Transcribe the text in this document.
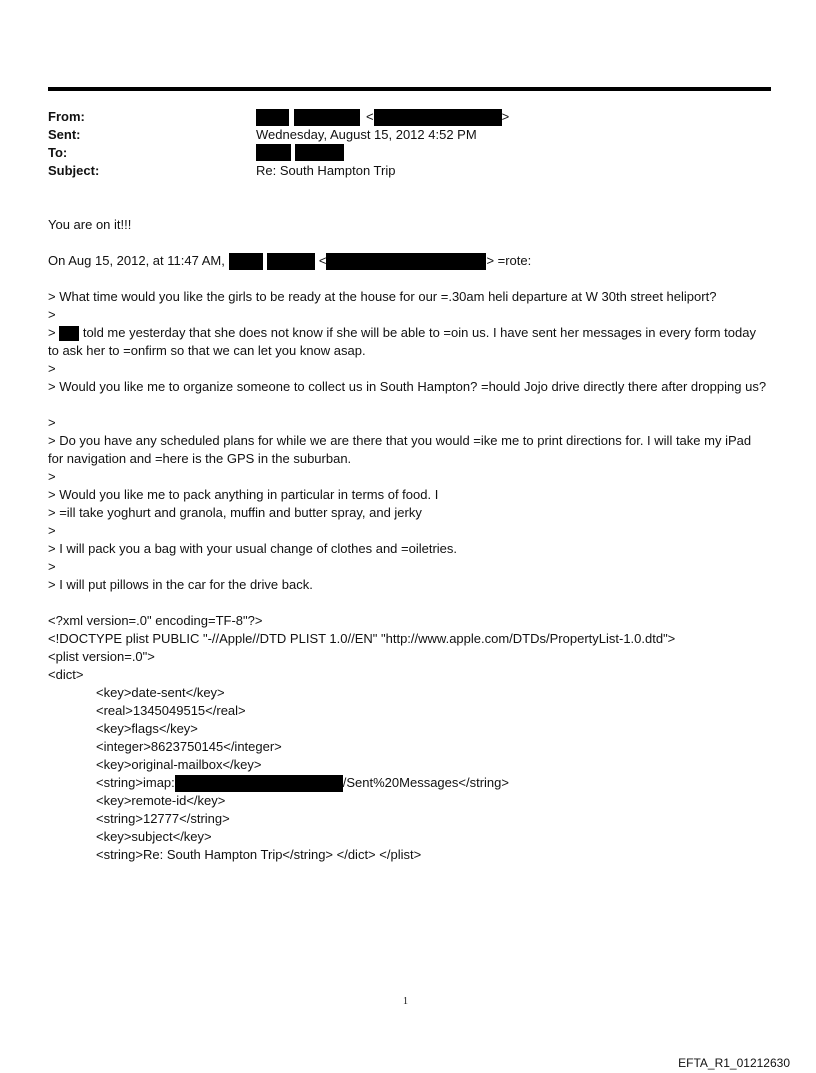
From:	<	>
Sent:	Wednesday, August 15, 2012 4:52 PM
To:
Subject:	Re: South Hampton Trip
You are on it!!!
On Aug 15, 2012, at 11:47 AM,	<	> =rote:
> What time would you like the girls to be ready at the house for our =.30am heli departure at W 30th street heliport?
>
> told me yesterday that she does not know if she will be able to =oin us. I have sent her messages in every form today to ask her to =onfirm so that we can let you know asap.
>
> Would you like me to organize someone to collect us in South Hampton? =hould Jojo drive directly there after dropping us?
>
> Do you have any scheduled plans for while we are there that you would =ike me to print directions for. I will take my iPad for navigation and =here is the GPS in the suburban.
>
> Would you like me to pack anything in particular in terms of food. I
> =ill take yoghurt and granola, muffin and butter spray, and jerky
>
> I will pack you a bag with your usual change of clothes and =oiletries.
>
> I will put pillows in the car for the drive back.
<?xml version=.0" encoding=TF-8"?>
<!DOCTYPE plist PUBLIC "-//Apple//DTD PLIST 1.0//EN" "http://www.apple.com/DTDs/PropertyList-1.0.dtd">
<plist version=.0">
<dict>
<key>date-sent</key>
<real>1345049515</real>
<key>flags</key>
<integer>8623750145</integer>
<key>original-mailbox</key>
<string>imap:	/Sent%20Messages</string>
<key>remote-id</key>
<string>12777</string>
<key>subject</key>
<string>Re: South Hampton Trip</string> </dict> </plist>
1
EFTA_R1_01212630
